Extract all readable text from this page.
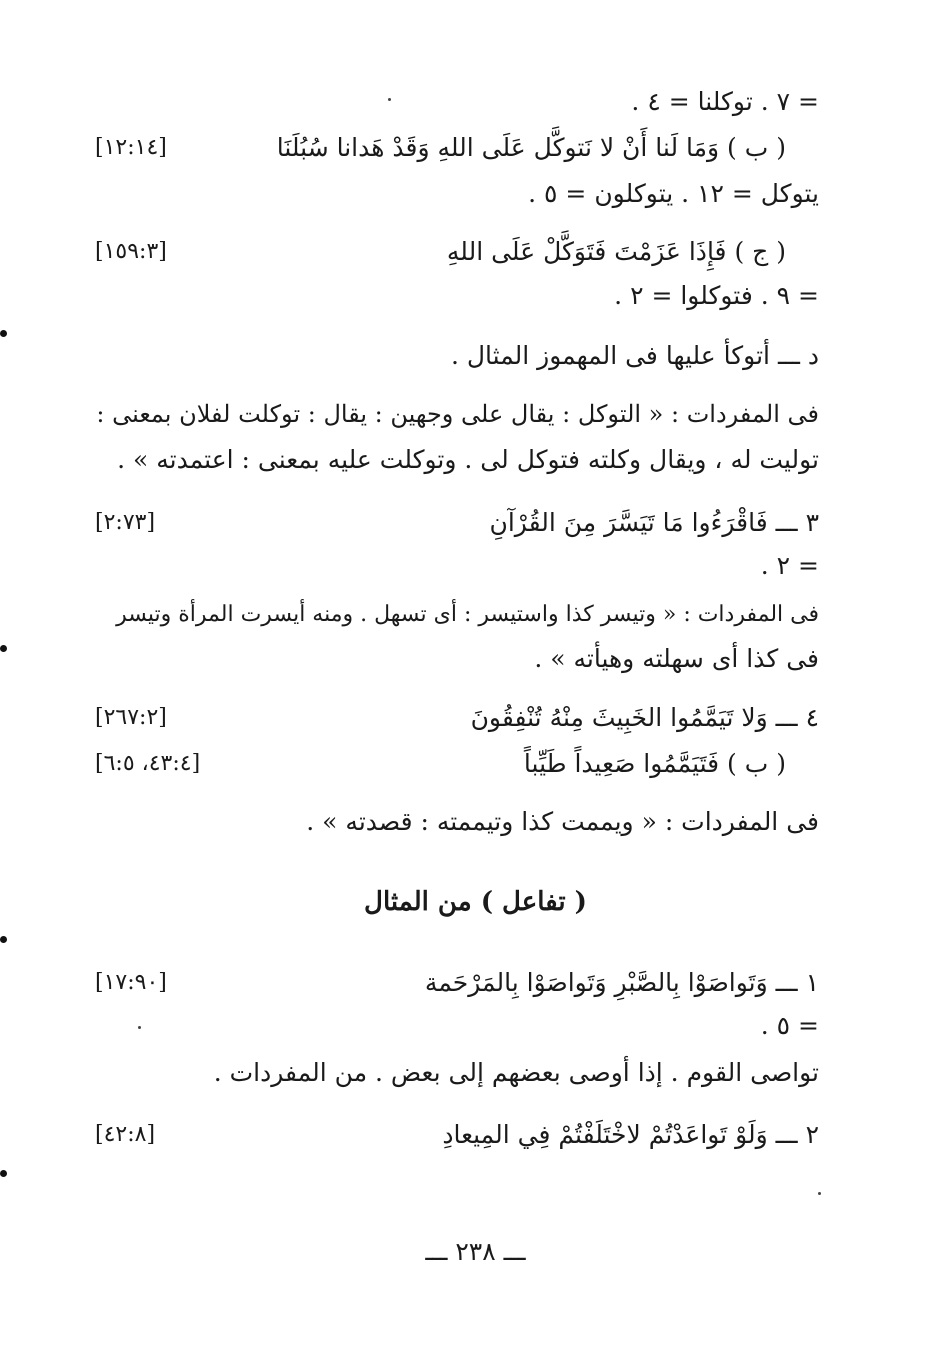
= ٧ . توكلنا = ٤ .
( ب ) وَمَا لَنا أَنْ لا نَتوكَّل عَلَى اللهِ وَقَدْ هَدانا سُبُلَنَا
[١٢:١٤]
يتوكل = ١٢ . يتوكلون = ٥ .
( ج ) فَإِذَا عَزَمْتَ فَتَوَكَّلْ عَلَى اللهِ
[١٥٩:٣]
= ٩ . فتوكلوا = ٢ .
د ـــ أتوكأ عليها فى المهموز المثال .
فى المفردات : « التوكل : يقال على وجهين : يقال : توكلت لفلان بمعنى :
توليت له ، ويقال وكلته فتوكل لى . وتوكلت عليه بمعنى : اعتمدته » .
٣ ـــ فَاقْرَءُوا مَا تَيَسَّرَ مِنَ القُرْآنِ
[٢:٧٣]
= ٢ .
فى المفردات : « وتيسر كذا واستيسر : أى تسهل . ومنه أيسرت المرأة وتيسر
فى كذا أى سهلته وهيأته » .
٤ ـــ وَلا تَيَمَّمُوا الخَبِيثَ مِنْهُ تُنْفِقُونَ
[٢٦٧:٢]
( ب ) فَتَيَمَّمُوا صَعِيداً طَيِّباً
[٤٣:٤، ٦:٥]
فى المفردات : « ويممت كذا وتيممته : قصدته » .
( تفاعل ) من المثال
١ ـــ وَتَواصَوْا بِالصَّبْرِ وَتَواصَوْا بِالمَرْحَمة
[١٧:٩٠]
= ٥ .
تواصى القوم . إذا أوصى بعضهم إلى بعض . من المفردات .
٢ ـــ وَلَوْ تَواعَدْتُمْ لاخْتَلَفْتُمْ فِي المِيعادِ
[٤٢:٨]
ـــ ٢٣٨ ـــ
